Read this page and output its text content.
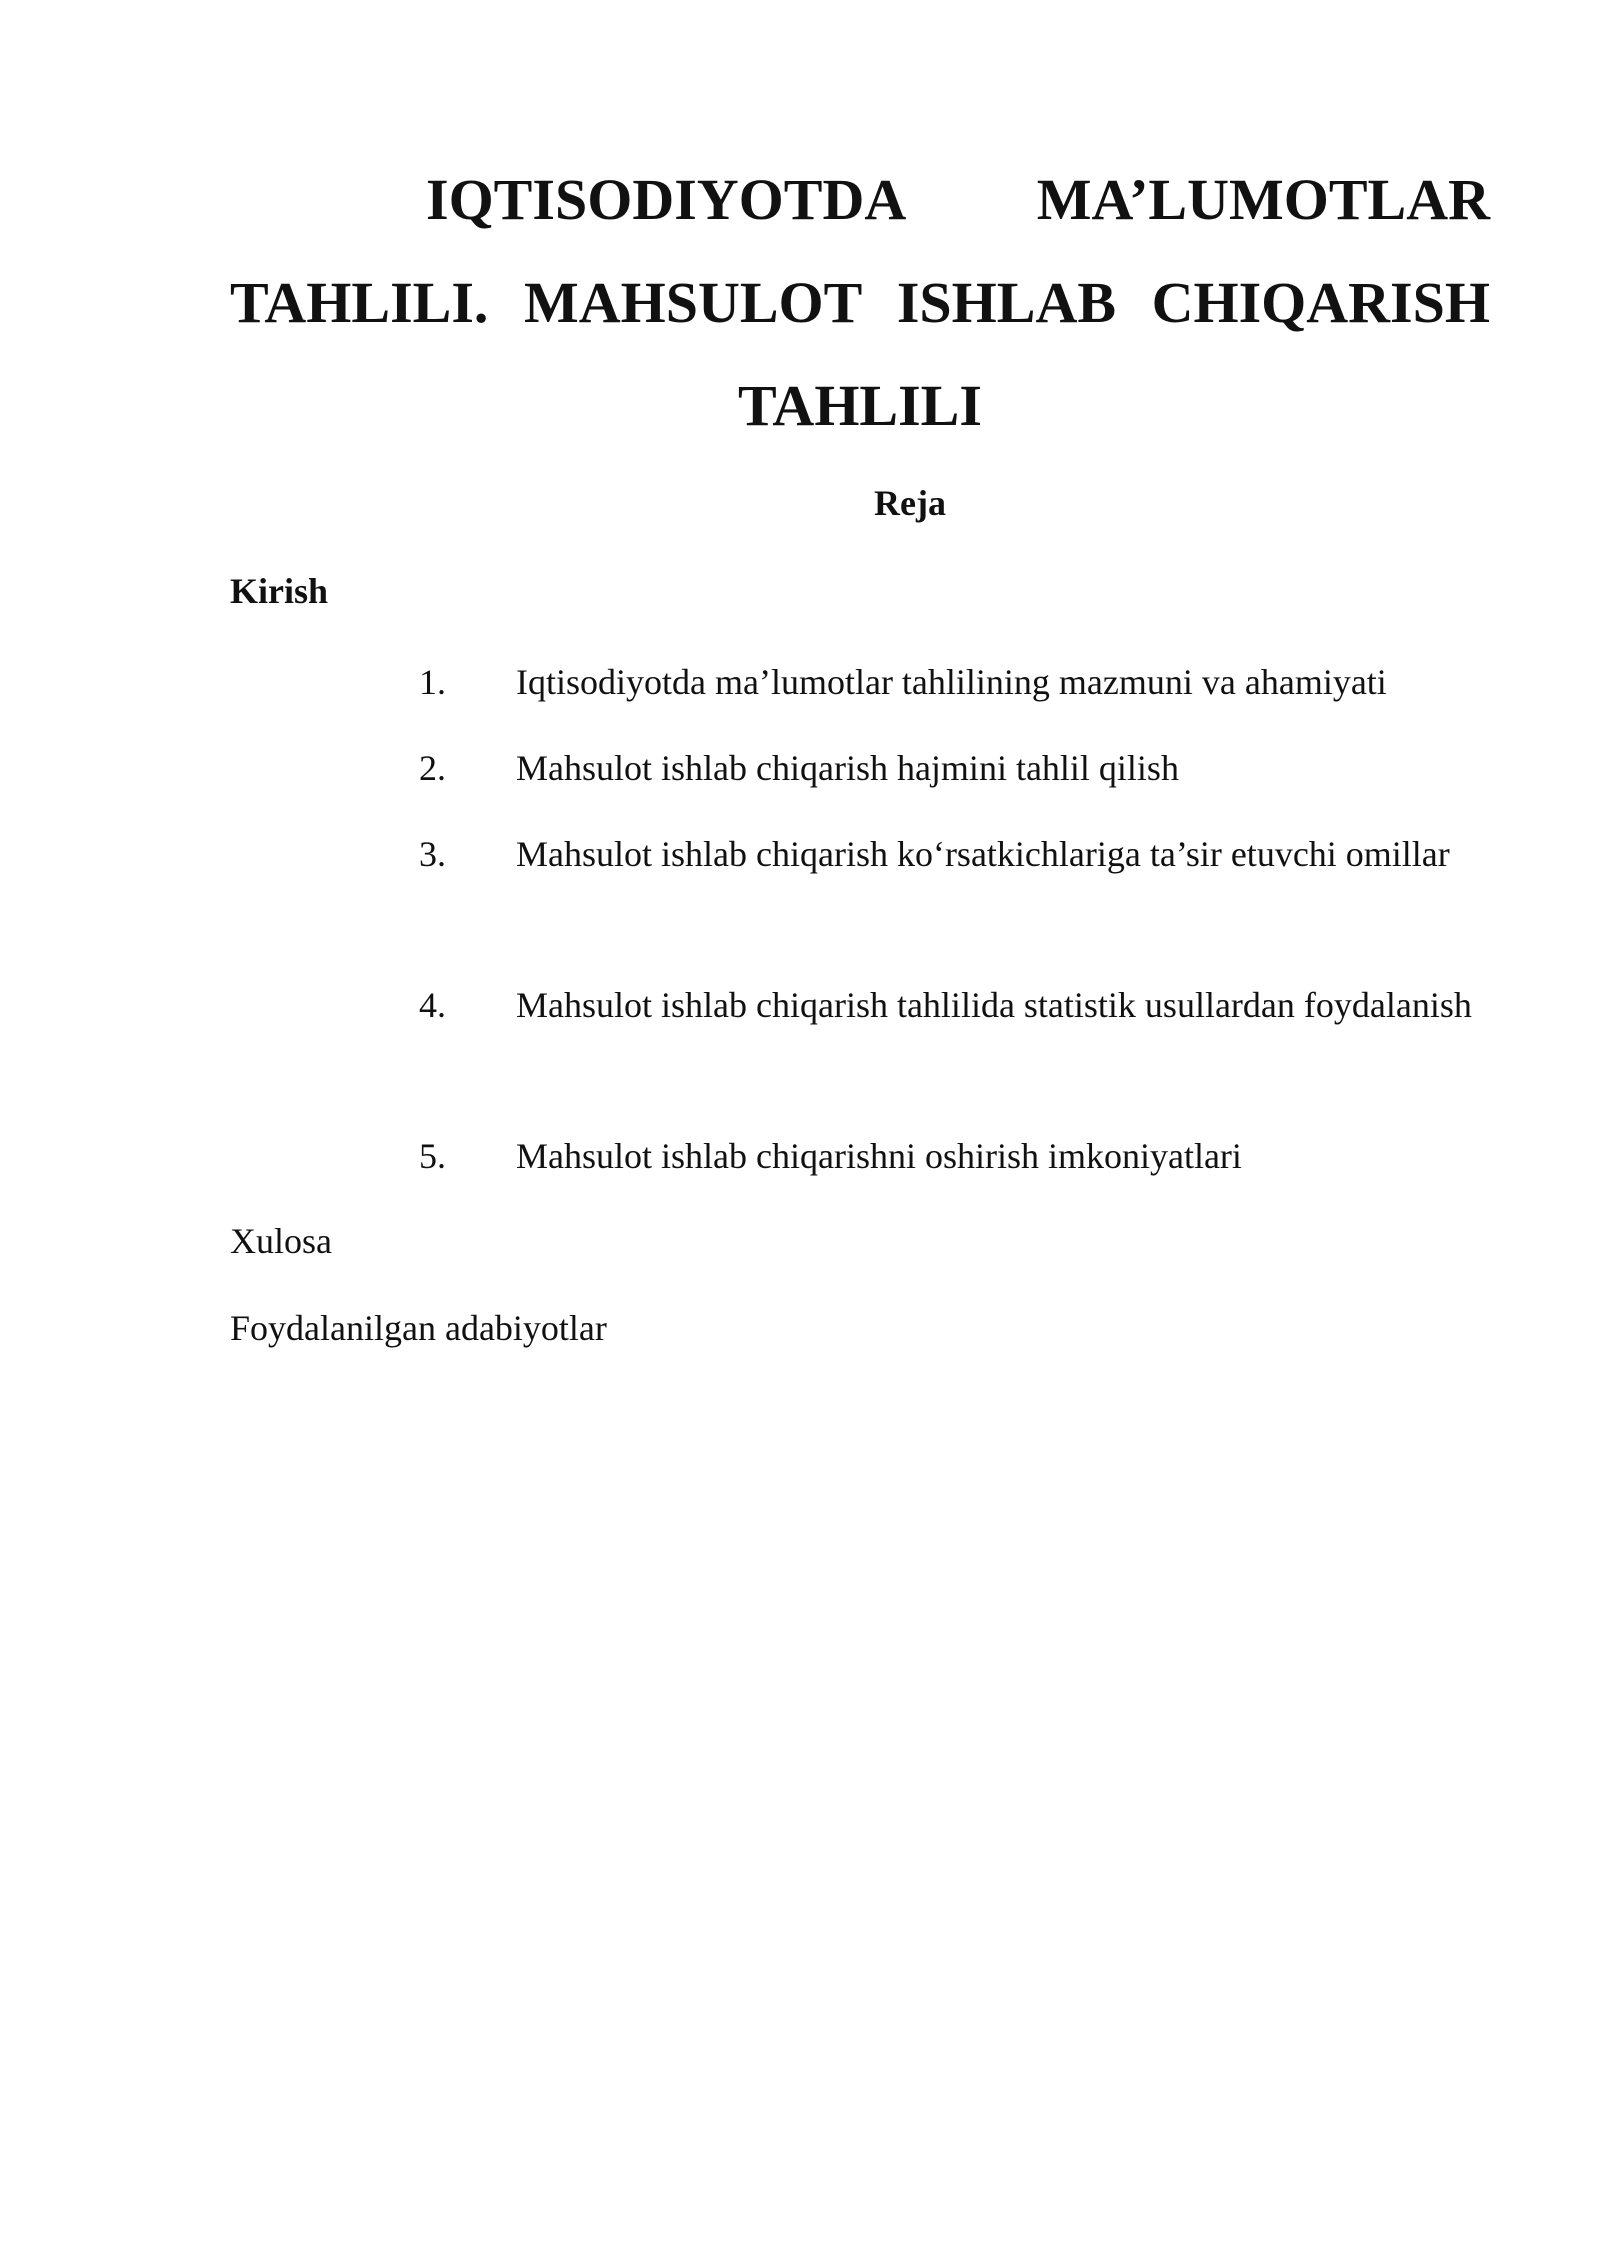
IQTISODIYOTDA MA’LUMOTLAR TAHLILI. MAHSULOT ISHLAB CHIQARISH TAHLILI

Reja

Kirish

1. Iqtisodiyotda ma’lumotlar tahlilining mazmuni va ahamiyati

2. Mahsulot ishlab chiqarish hajmini tahlil qilish

3. Mahsulot ishlab chiqarish ko‘rsatkichlariga ta’sir etuvchi omillar

4. Mahsulot ishlab chiqarish tahlilida statistik usullardan foydalanish

5. Mahsulot ishlab chiqarishni oshirish imkoniyatlari

Xulosa

Foydalanilgan adabiyotlar
